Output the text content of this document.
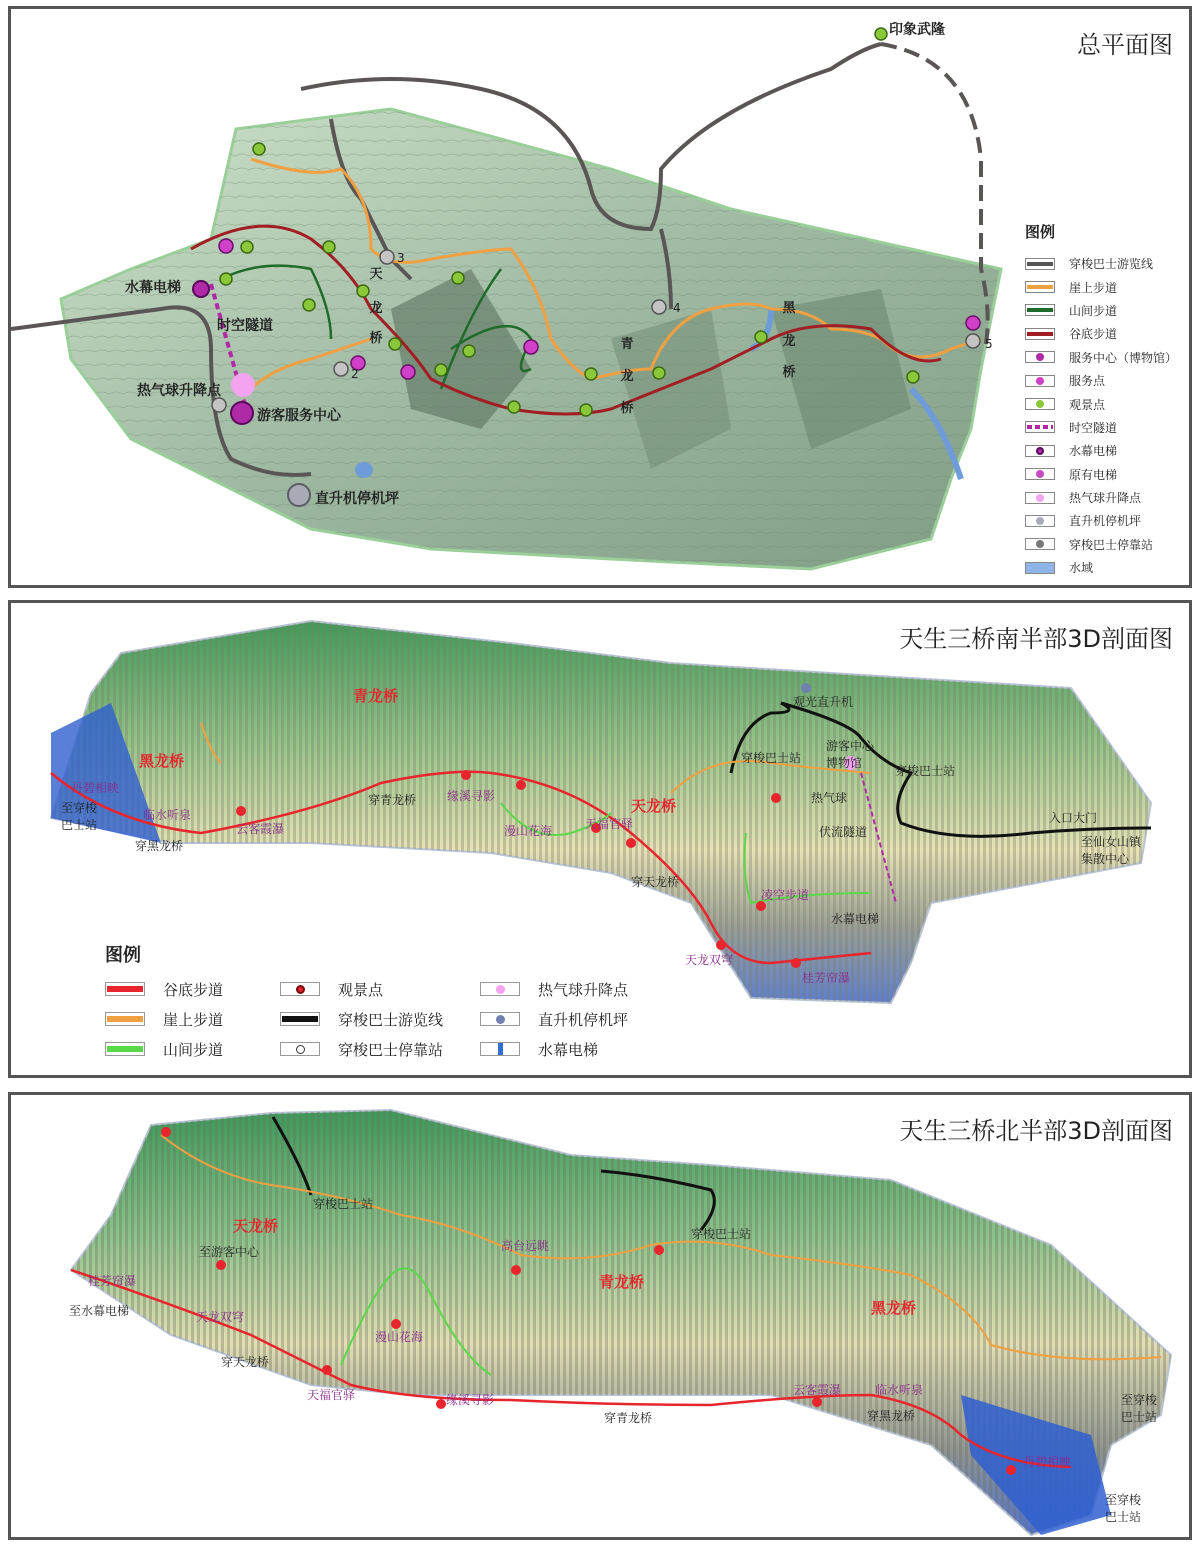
总平面图
印象武隆
水幕电梯
时空隧道
热气球升降点
游客服务中心
直升机停机坪
天
龙
桥	青
龙
桥
黑
龙
桥
2
3
4
5
图例
穿梭巴士游览线
崖上步道
山间步道
谷底步道
服务中心（博物馆）
服务点
观景点
时空隧道
水幕电梯
原有电梯
热气球升降点
直升机停机坪
穿梭巴士停靠站
水域
天生三桥南半部3D剖面图
青龙桥
黑龙桥
天龙桥
丹碧相映
至穿梭
巴士站
临水听泉
云客霞瀑
穿黑龙桥
穿青龙桥	缘溪寻影
漫山花海	天福官驿
穿天龙桥
凌空步道
水幕电梯
天龙双穹
桂芳帘瀑
观光直升机
穿梭巴士站
游客中心
博物馆
穿梭巴士站
热气球
伏流隧道
入口大门
至仙女山镇
集散中心
图例
谷底步道	观景点	热气球升降点
崖上步道	穿梭巴士游览线	直升机停机坪
山间步道	穿梭巴士停靠站	水幕电梯
天生三桥北半部3D剖面图
天龙桥
青龙桥
黑龙桥
穿梭巴士站
穿梭巴士站
至游客中心
桂芳帘瀑
至水幕电梯	天龙双穹
穿天龙桥
天福官驿	缘溪寻影
漫山花海
高台远眺
穿青龙桥
云客霞瀑	临水听泉
穿黑龙桥
至穿梭
巴士站
丹碧相映
至穿梭
巴士站
